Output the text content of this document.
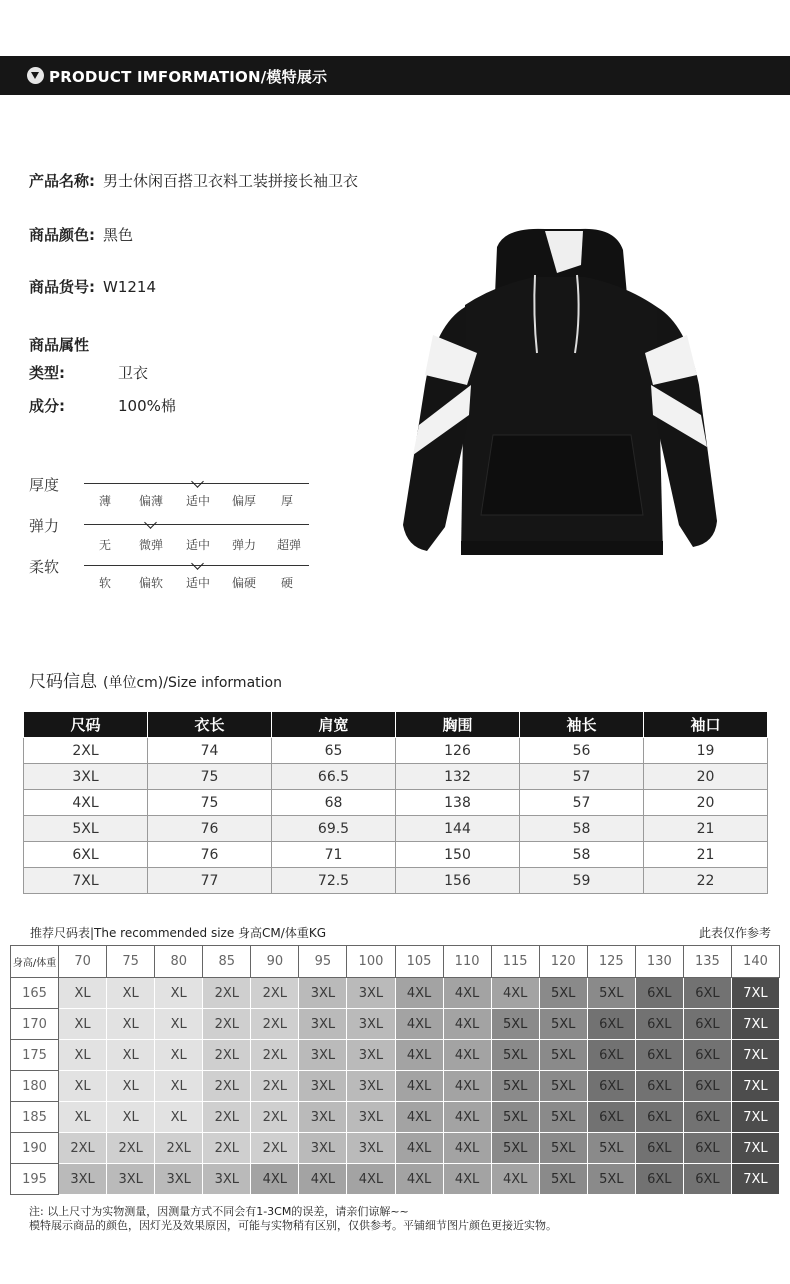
PRODUCT IMFORMATION/模特展示
产品名称: 男士休闲百搭卫衣料工装拼接长袖卫衣
商品颜色: 黑色
商品货号: W1214
商品属性
类型:	卫衣
成分:	100%棉
厚度
薄	偏薄	适中	偏厚	厚
弹力
无	微弹	适中	弹力	超弹
柔软
软	偏软	适中	偏硬	硬
尺码信息 (单位cm)/Size information
尺码	衣长	肩宽	胸围	袖长	袖口
2XL	74	65	126	56	19
3XL	75	66.5	132	57	20
4XL	75	68	138	57	20
5XL	76	69.5	144	58	21
6XL	76	71	150	58	21
7XL	77	72.5	156	59	22
推荐尺码表|The recommended size 身高CM/体重KG	此表仅作参考
身高/体重	70	75	80	85	90	95	100	105	110	115	120	125	130	135	140
165	XL	XL	XL	2XL	2XL	3XL	3XL	4XL	4XL	4XL	5XL	5XL	6XL	6XL	7XL
170	XL	XL	XL	2XL	2XL	3XL	3XL	4XL	4XL	5XL	5XL	6XL	6XL	6XL	7XL
175	XL	XL	XL	2XL	2XL	3XL	3XL	4XL	4XL	5XL	5XL	6XL	6XL	6XL	7XL
180	XL	XL	XL	2XL	2XL	3XL	3XL	4XL	4XL	5XL	5XL	6XL	6XL	6XL	7XL
185	XL	XL	XL	2XL	2XL	3XL	3XL	4XL	4XL	5XL	5XL	6XL	6XL	6XL	7XL
190	2XL	2XL	2XL	2XL	2XL	3XL	3XL	4XL	4XL	5XL	5XL	5XL	6XL	6XL	7XL
195	3XL	3XL	3XL	3XL	4XL	4XL	4XL	4XL	4XL	4XL	5XL	5XL	6XL	6XL	7XL
注: 以上尺寸为实物测量，因测量方式不同会有1-3CM的误差，请亲们谅解~~
模特展示商品的颜色，因灯光及效果原因，可能与实物稍有区别，仅供参考。平铺细节图片颜色更接近实物。
